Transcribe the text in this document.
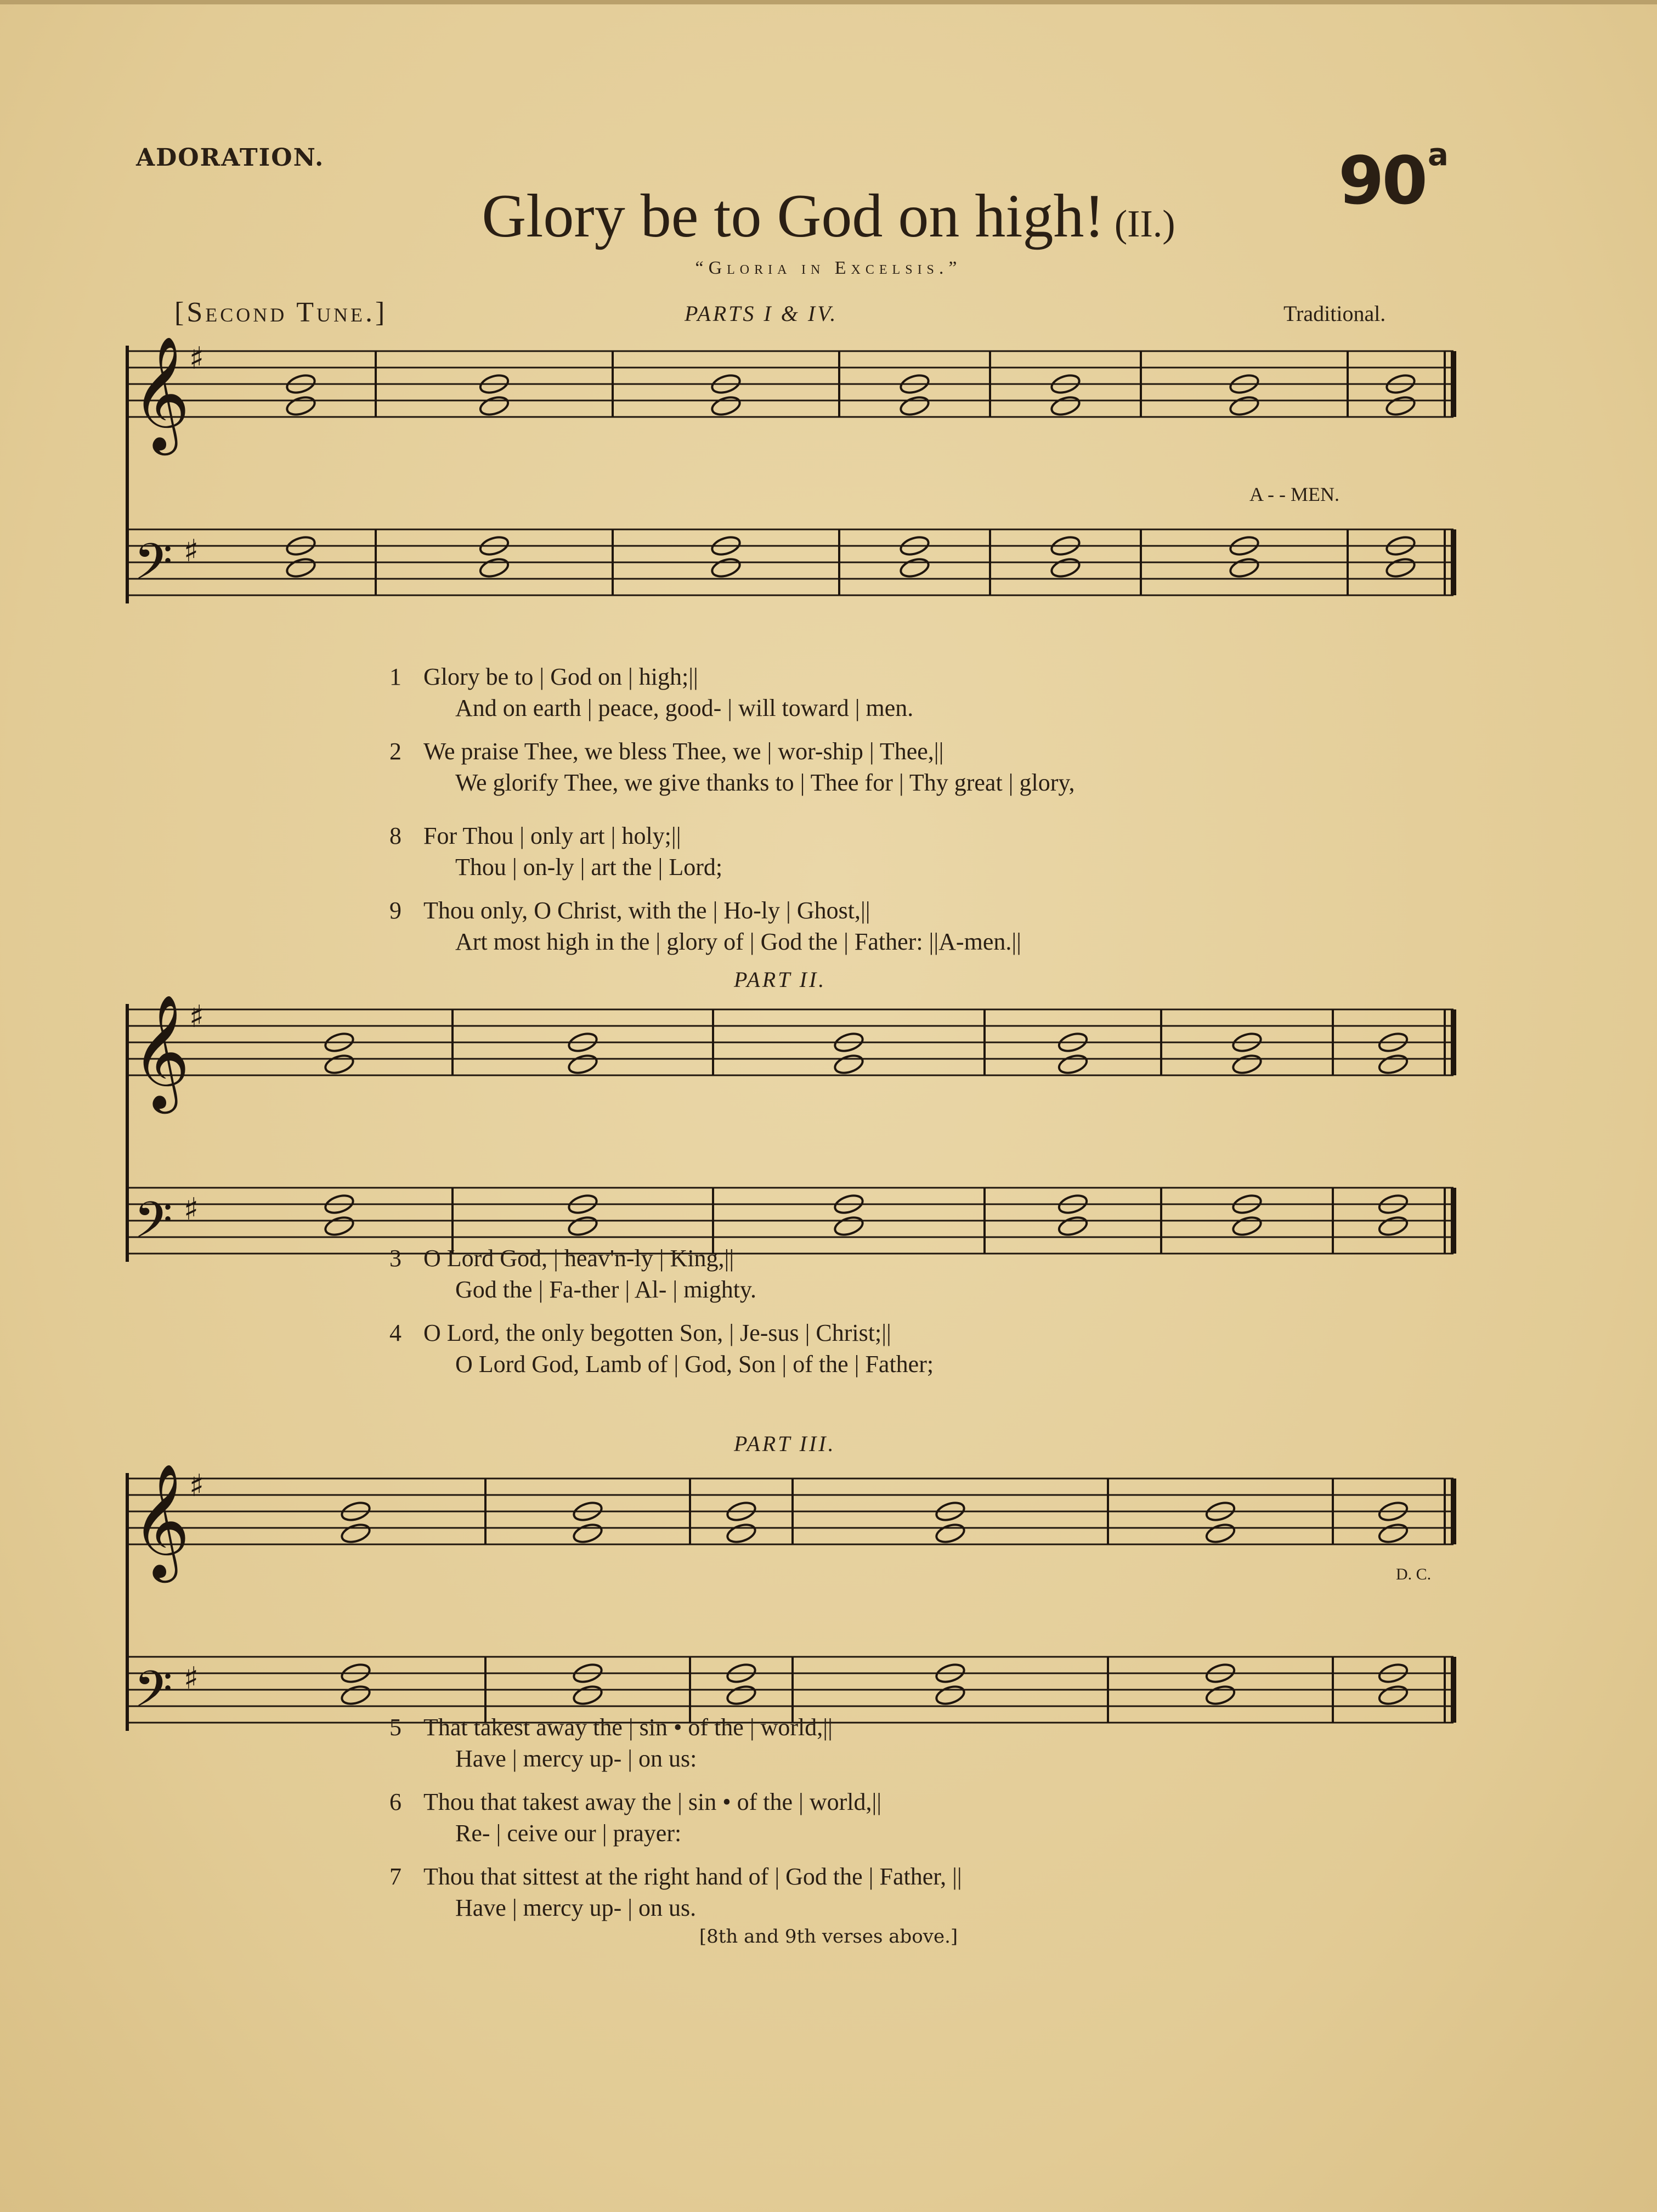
ADORATION.	90$^a$
Glory be to God on high! (II.)
“Gloria in Excelsis.”
[Second Tune.]	PARTS I & IV.	Traditional.
𝄞
𝄢
♯
♯
𝄞
𝄢
♯
♯
𝄞
𝄢
♯
♯
A - - MEN.
1 Glory be to | God on | high;||
And on earth | peace, good- | will toward | men.
2 We praise Thee, we bless Thee, we | wor-ship | Thee,||
We glorify Thee, we give thanks to | Thee for | Thy great | glory,
8 For Thou | only art | holy;||
Thou | on-ly | art the | Lord;
9 Thou only, O Christ, with the | Ho-ly | Ghost,||
Art most high in the | glory of | God the | Father: ||A-men.||
PART II.
3 O Lord God, | heav'n-ly | King,||
God the | Fa-ther | Al- | mighty.
4 O Lord, the only begotten Son, | Je-sus | Christ;||
O Lord God, Lamb of | God, Son | of the | Father;
PART III.
D. C.
5 That takest away the | sin • of the | world,||
Have | mercy up- | on us:
6 Thou that takest away the | sin • of the | world,||
Re- | ceive our | prayer:
7 Thou that sittest at the right hand of | God the | Father, ||
Have | mercy up- | on us.
[8th and 9th verses above.]
